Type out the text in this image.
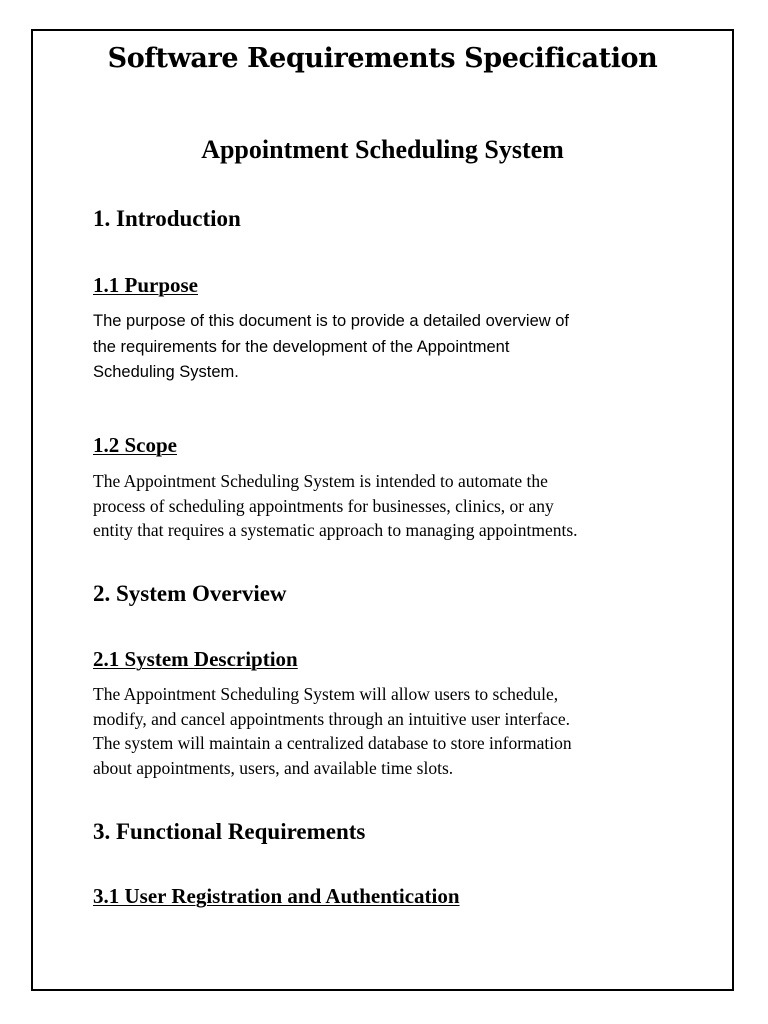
Software Requirements Specification
Appointment Scheduling System
1. Introduction
1.1 Purpose

The purpose of this document is to provide a detailed overview of
the requirements for the development of the Appointment
Scheduling System.

1.2 Scope

The Appointment Scheduling System is intended to automate the
process of scheduling appointments for businesses, clinics, or any
entity that requires a systematic approach to managing appointments.

2. System Overview
2.1 System Description

The Appointment Scheduling System will allow users to schedule,
modify, and cancel appointments through an intuitive user interface.
The system will maintain a centralized database to store information
about appointments, users, and available time slots.

3. Functional Requirements
3.1 User Registration and Authentication
